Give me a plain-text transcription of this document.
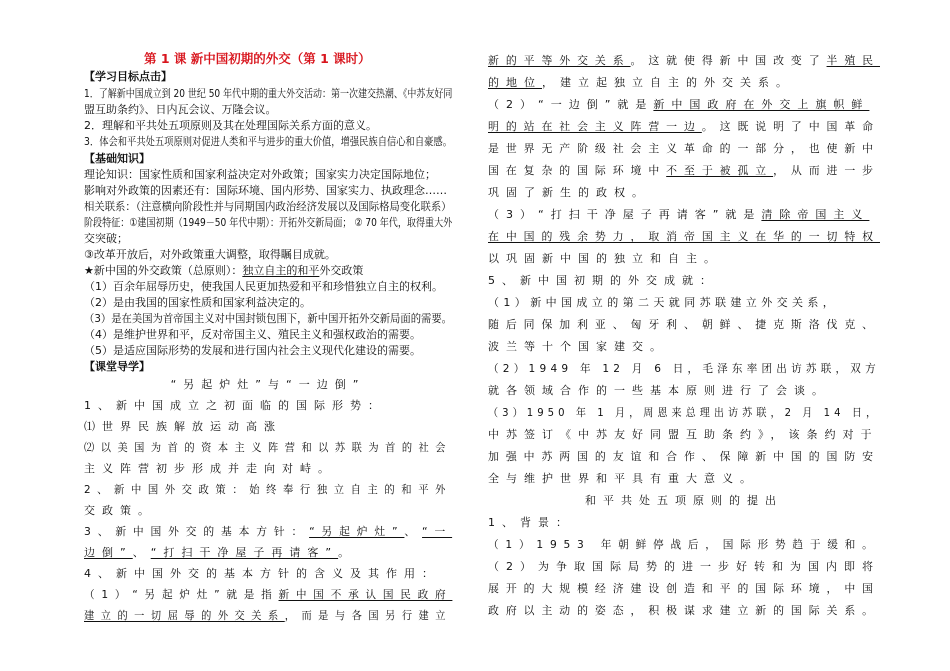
第 1 课 新中国初期的外交（第 1 课时）
【学习目标点击】
1．了解新中国成立到 20 世纪 50 年代中期的重大外交活动：第一次建交热潮、《中苏友好同
盟互助条约》、日内瓦会议、万隆会议。
2．理解和平共处五项原则及其在处理国际关系方面的意义。
3．体会和平共处五项原则对促进人类和平与进步的重大价值，增强民族自信心和自豪感。
【基础知识】
理论知识：国家性质和国家利益决定对外政策；国家实力决定国际地位；
影响对外政策的因素还有：国际环境、国内形势、国家实力、执政理念……
相关联系：（注意横向阶段性并与同期国内政治经济发展以及国际格局变化联系）
阶段特征：①建国初期（1949－50 年代中期）：开拓外交新局面； ② 70 年代，取得重大外
交突破；
③改革开放后，对外政策重大调整，取得瞩目成就。
★新中国的外交政策（总原则）：独立自主的和平外交政策
（1）百余年屈辱历史，使我国人民更加热爱和平和珍惜独立自主的权利。
（2）是由我国的国家性质和国家利益决定的。
（3）是在美国为首帝国主义对中国封锁包围下，新中国开拓外交新局面的需要。
（4）是维护世界和平，反对帝国主义、殖民主义和强权政治的需要。
（5）是适应国际形势的发展和进行国内社会主义现代化建设的需要。
【课堂导学】
“另起炉灶”与“一边倒”
1、新中国成立之初面临的国际形势：
⑴世界民族解放运动高涨
⑵以美国为首的资本主义阵营和以苏联为首的社会
主义阵营初步形成并走向对峙。
2、新中国外交政策：始终奉行独立自主的和平外
交政策。
3、新中国外交的基本方针：“另起炉灶”、“一
边倒”、“打扫干净屋子再请客”。
4、新中国外交的基本方针的含义及其作用：
（1）“另起炉灶”就是指新中国不承认国民政府
建立的一切屈辱的外交关系，而是与各国另行建立
新的平等外交关系。这就使得新中国改变了半殖民
的地位，建立起独立自主的外交关系。
（2）“一边倒”就是新中国政府在外交上旗帜鲜
明的站在社会主义阵营一边。这既说明了中国革命
是世界无产阶级社会主义革命的一部分，也使新中
国在复杂的国际环境中不至于被孤立，从而进一步
巩固了新生的政权。
（3）“打扫干净屋子再请客”就是清除帝国主义
在中国的残余势力，取消帝国主义在华的一切特权
以巩固新中国的独立和自主。
5、新中国初期的外交成就：
（1）新中国成立的第二天就同苏联建立外交关系，
随后同保加利亚、匈牙利、朝鲜、捷克斯洛伐克、
波兰等十个国家建交。
（2）1949 年 12 月 6 日，毛泽东率团出访苏联，双方
就各领域合作的一些基本原则进行了会谈。
（3）1950 年 1 月，周恩来总理出访苏联，2 月 14 日，
中苏签订《中苏友好同盟互助条约》，该条约对于
加强中苏两国的友谊和合作、保障新中国的国防安
全与维护世界和平具有重大意义。
和平共处五项原则的提出
1、背景：
（1）1953 年朝鲜停战后，国际形势趋于缓和。
（2）为争取国际局势的进一步好转和为国内即将
展开的大规模经济建设创造和平的国际环境，中国
政府以主动的姿态，积极谋求建立新的国际关系。
